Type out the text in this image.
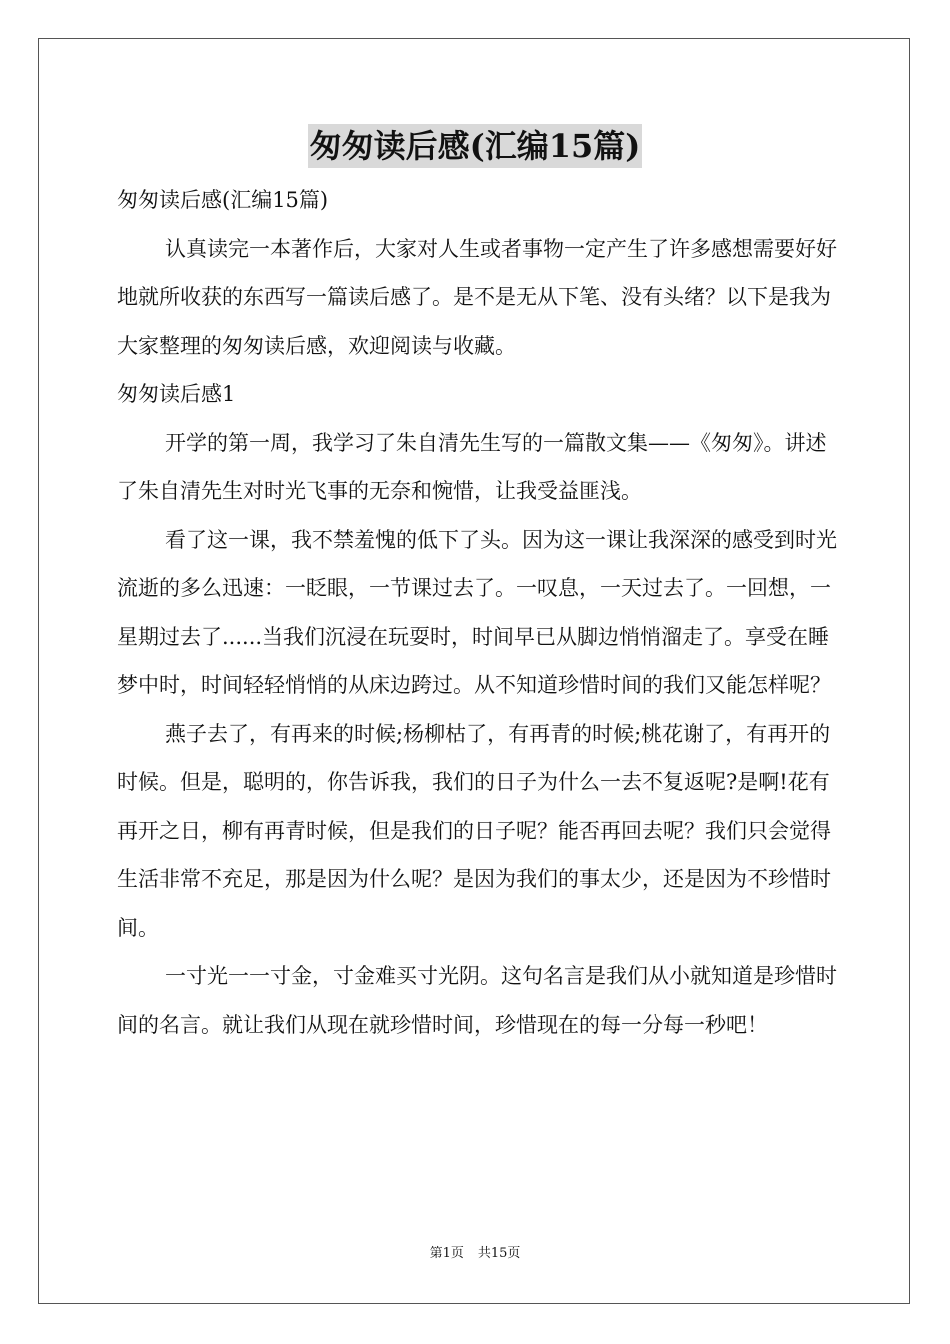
匆匆读后感(汇编15篇)

匆匆读后感(汇编15篇)

认真读完一本著作后，大家对人生或者事物一定产生了许多感想需要好好地就所收获的东西写一篇读后感了。是不是无从下笔、没有头绪？以下是我为大家整理的匆匆读后感，欢迎阅读与收藏。

匆匆读后感1

开学的第一周，我学习了朱自清先生写的一篇散文集——《匆匆》。讲述了朱自清先生对时光飞事的无奈和惋惜，让我受益匪浅。

看了这一课，我不禁羞愧的低下了头。因为这一课让我深深的感受到时光流逝的多么迅速：一眨眼，一节课过去了。一叹息，一天过去了。一回想，一星期过去了......当我们沉浸在玩耍时，时间早已从脚边悄悄溜走了。享受在睡梦中时，时间轻轻悄悄的从床边跨过。从不知道珍惜时间的我们又能怎样呢？

燕子去了，有再来的时候;杨柳枯了，有再青的时候;桃花谢了，有再开的时候。但是，聪明的，你告诉我，我们的日子为什么一去不复返呢?是啊!花有再开之日，柳有再青时候，但是我们的日子呢？能否再回去呢？我们只会觉得生活非常不充足，那是因为什么呢？是因为我们的事太少，还是因为不珍惜时间。

一寸光一一寸金，寸金难买寸光阴。这句名言是我们从小就知道是珍惜时间的名言。就让我们从现在就珍惜时间，珍惜现在的每一分每一秒吧！

第1页 共15页
